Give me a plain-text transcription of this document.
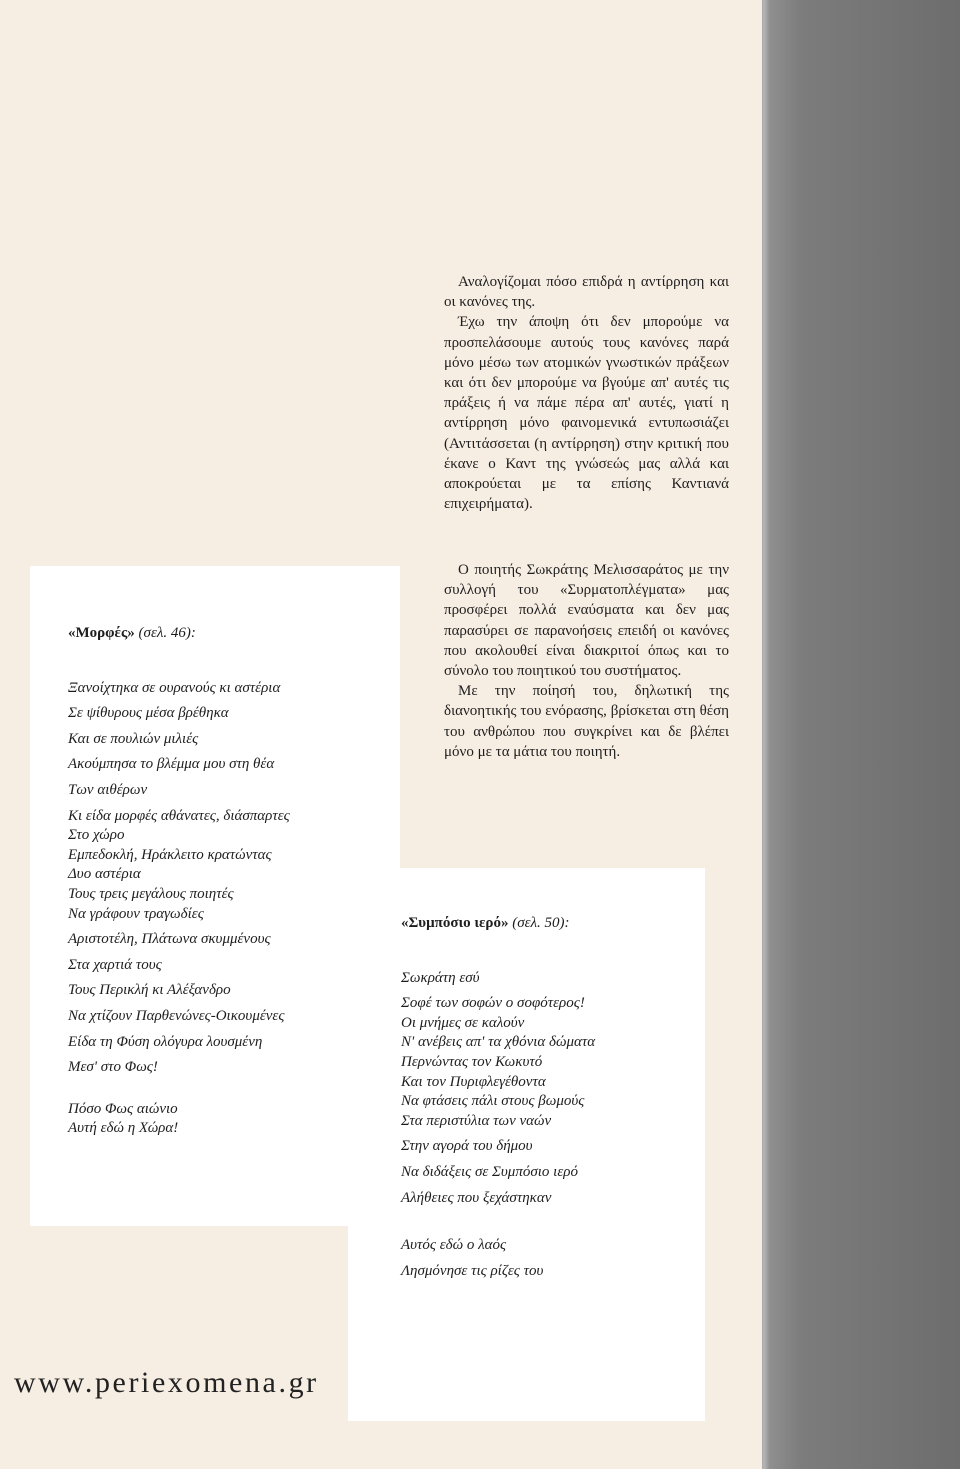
Αναλογίζομαι πόσο επιδρά η αντίρρηση και οι κανόνες της.

Έχω την άποψη ότι δεν μπορούμε να προσπελάσουμε αυτούς τους κανόνες παρά μόνο μέσω των ατομικών γνωστικών πράξεων και ότι δεν μπορούμε να βγούμε απ' αυτές τις πράξεις ή να πάμε πέρα απ' αυτές, γιατί η αντίρρηση μόνο φαινομενικά εντυπωσιάζει (Αντιτάσσεται (η αντίρρηση) στην κριτική που έκανε ο Καντ της γνώσεώς μας αλλά και αποκρούεται με τα επίσης Καντιανά επιχειρήματα).

Ο ποιητής Σωκράτης Μελισσαράτος με την συλλογή του «Συρματοπλέγματα» μας προσφέρει πολλά εναύσματα και δεν μας παρασύρει σε παρανοήσεις επειδή οι κανόνες που ακολουθεί είναι διακριτοί όπως και το σύνολο του ποιητικού του συστήματος.

Με την ποίησή του, δηλωτική της διανοητικής του ενόρασης, βρίσκεται στη θέση του ανθρώπου που συγκρίνει και δε βλέπει μόνο με τα μάτια του ποιητή.

«Μορφές» (σελ. 46):
Ξανοίχτηκα σε ουρανούς κι αστέρια
Σε ψίθυρους μέσα βρέθηκα
Και σε πουλιών μιλιές
Ακούμπησα το βλέμμα μου στη θέα
Των αιθέρων
Κι είδα μορφές αθάνατες, διάσπαρτες
Στο χώρο
Εμπεδοκλή, Ηράκλειτο κρατώντας
Δυο αστέρια
Τους τρεις μεγάλους ποιητές
Να γράφουν τραγωδίες
Αριστοτέλη, Πλάτωνα σκυμμένους
Στα χαρτιά τους
Τους Περικλή κι Αλέξανδρο
Να χτίζουν Παρθενώνες-Οικουμένες
Είδα τη Φύση ολόγυρα λουσμένη
Μεσ' στο Φως!
Πόσο Φως αιώνιο
Αυτή εδώ η Χώρα!
«Συμπόσιο ιερό» (σελ. 50):
Σωκράτη εσύ
Σοφέ των σοφών ο σοφότερος!
Οι μνήμες σε καλούν
Ν' ανέβεις απ' τα χθόνια δώματα
Περνώντας τον Κωκυτό
Και τον Πυριφλεγέθοντα
Να φτάσεις πάλι στους βωμούς
Στα περιστύλια των ναών
Στην αγορά του δήμου
Να διδάξεις σε Συμπόσιο ιερό
Αλήθειες που ξεχάστηκαν
Αυτός εδώ ο λαός
Λησμόνησε τις ρίζες του
www.periexomena.gr
